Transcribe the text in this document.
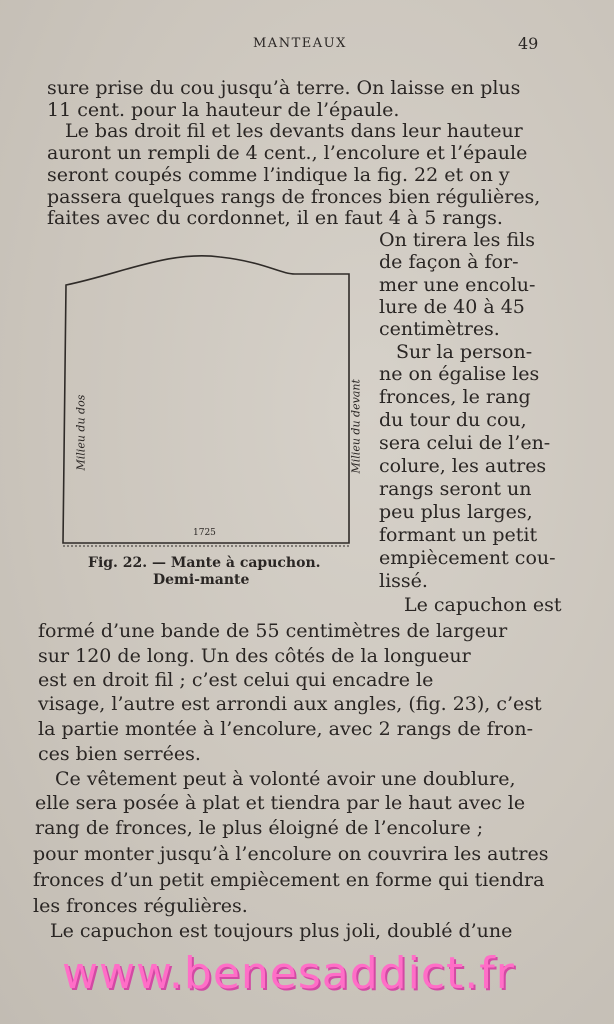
MANTEAUX	49
sure prise du cou jusqu’à terre. On laisse en plus
11 cent. pour la hauteur de l’épaule.
Le bas droit fil et les devants dans leur hauteur
auront un rempli de 4 cent., l’encolure et l’épaule
seront coupés comme l’indique la fig. 22 et on y
passera quelques rangs de fronces bien régulières,
faites avec du cordonnet, il en faut 4 à 5 rangs.
On tirera les fils
de façon à for-
mer une encolu-
lure de 40 à 45
centimètres.
Sur la person-
ne on égalise les
fronces, le rang
du tour du cou,
sera celui de l’en-
colure, les autres
rangs seront un
peu plus larges,
formant un petit
empiècement cou-
lissé.
Le capuchon est
formé d’une bande de 55 centimètres de largeur
sur 120 de long. Un des côtés de la longueur
est en droit fil ; c’est celui qui encadre le
visage, l’autre est arrondi aux angles, (fig. 23), c’est
la partie montée à l’encolure, avec 2 rangs de fron-
ces bien serrées.
Ce vêtement peut à volonté avoir une doublure,
elle sera posée à plat et tiendra par le haut avec le
rang de fronces, le plus éloigné de l’encolure ;
pour monter jusqu’à l’encolure on couvrira les autres
fronces d’un petit empiècement en forme qui tiendra
les fronces régulières.
Le capuchon est toujours plus joli, doublé d’une
Milieu du dos	Milieu du devant
1725
Fig. 22. — Mante à capuchon.
Demi-mante
www.benesaddict.fr
